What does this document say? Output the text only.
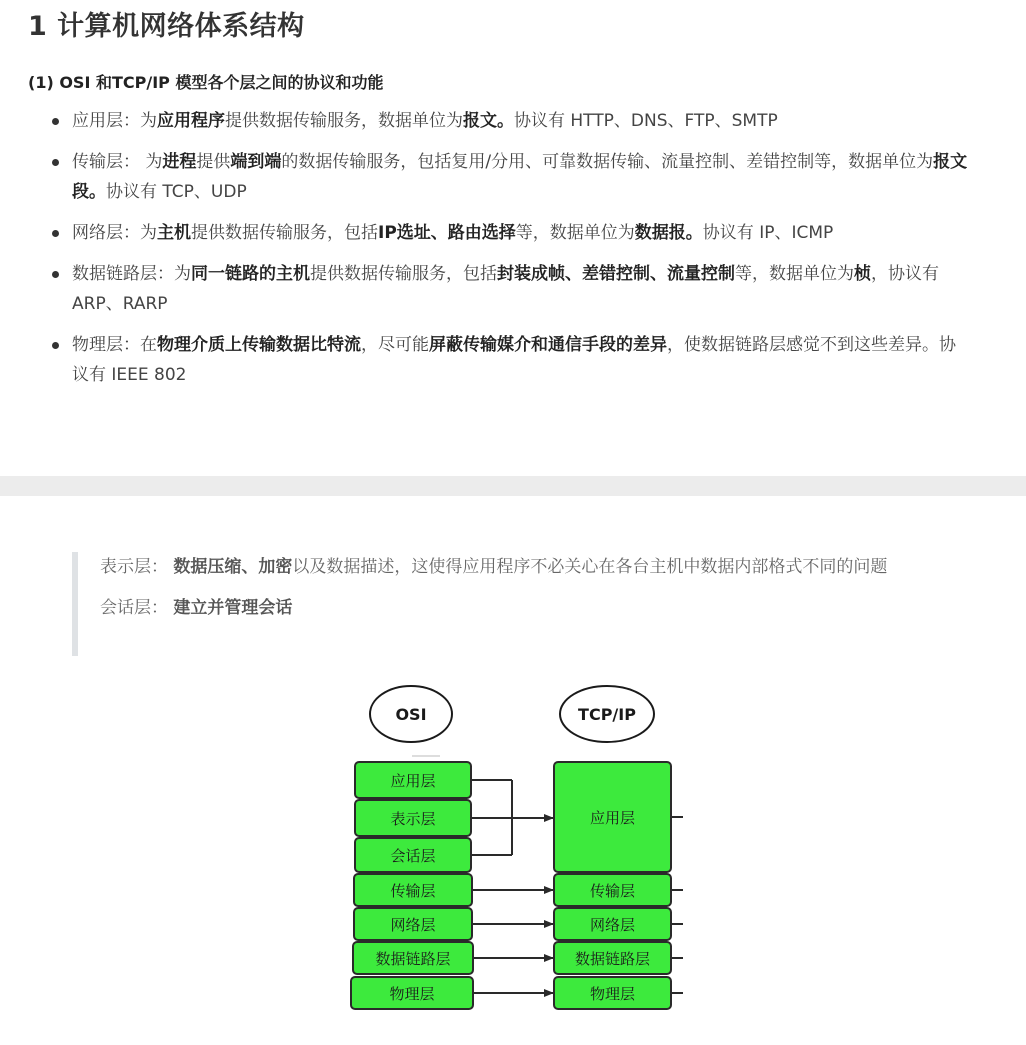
1 计算机网络体系结构
(1) OSI 和TCP/IP 模型各个层之间的协议和功能
应用层：为应用程序提供数据传输服务，数据单位为报文。协议有 HTTP、DNS、FTP、SMTP
传输层： 为进程提供端到端的数据传输服务，包括复用/分用、可靠数据传输、流量控制、差错控制等，数据单位为报文段。协议有 TCP、UDP
网络层：为主机提供数据传输服务，包括IP选址、路由选择等，数据单位为数据报。协议有 IP、ICMP
数据链路层：为同一链路的主机提供数据传输服务，包括封装成帧、差错控制、流量控制等，数据单位为桢，协议有 ARP、RARP
物理层：在物理介质上传输数据比特流，尽可能屏蔽传输媒介和通信手段的差异，使数据链路层感觉不到这些差异。协议有 IEEE 802

表示层： 数据压缩、加密以及数据描述，这使得应用程序不必关心在各台主机中数据内部格式不同的问题

会话层： 建立并管理会话

OSI	TCP/IP
应用层
表示层
会话层
传输层
网络层
数据链路层
物理层
应用层
传输层
网络层
数据链路层
物理层
